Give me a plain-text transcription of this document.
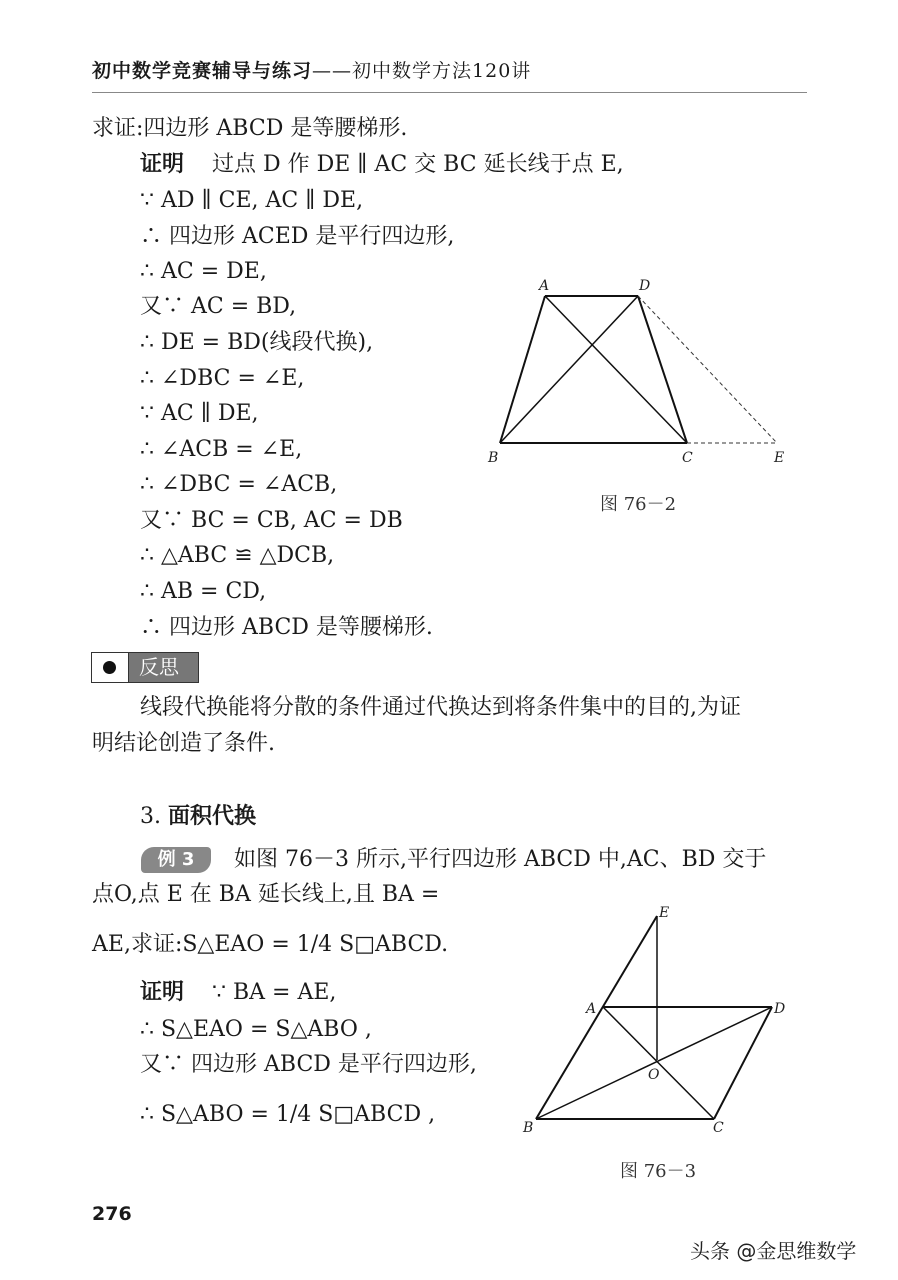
初中数学竞赛辅导与练习——初中数学方法120讲
求证:四边形 ABCD 是等腰梯形.
证明 过点 D 作 DE ∥ AC 交 BC 延长线于点 E,
∵ AD ∥ CE, AC ∥ DE,
∴ 四边形 ACED 是平行四边形,
∴ AC = DE,
又∵ AC = BD,
∴ DE = BD(线段代换),
∴ ∠DBC = ∠E,
∵ AC ∥ DE,
∴ ∠ACB = ∠E,
∴ ∠DBC = ∠ACB,
又∵ BC = CB, AC = DB
∴ △ABC ≌ △DCB,
∴ AB = CD,
∴ 四边形 ABCD 是等腰梯形.
A	D
B	C	E
图 76－2
反思
线段代换能将分散的条件通过代换达到将条件集中的目的,为证
明结论创造了条件.
3. 面积代换
例 3	如图 76－3 所示,平行四边形 ABCD 中,AC、BD 交于
点O,点 E 在 BA 延长线上,且 BA =
AE,求证:S△EAO = 1/4 S□ABCD.
证明 ∵ BA = AE,
∴ S△EAO = S△ABO ,
又∵ 四边形 ABCD 是平行四边形,
∴ S△ABO = 1/4 S□ABCD ,
E
A	D
O
B	C
图 76－3
276
头条 @金思维数学
